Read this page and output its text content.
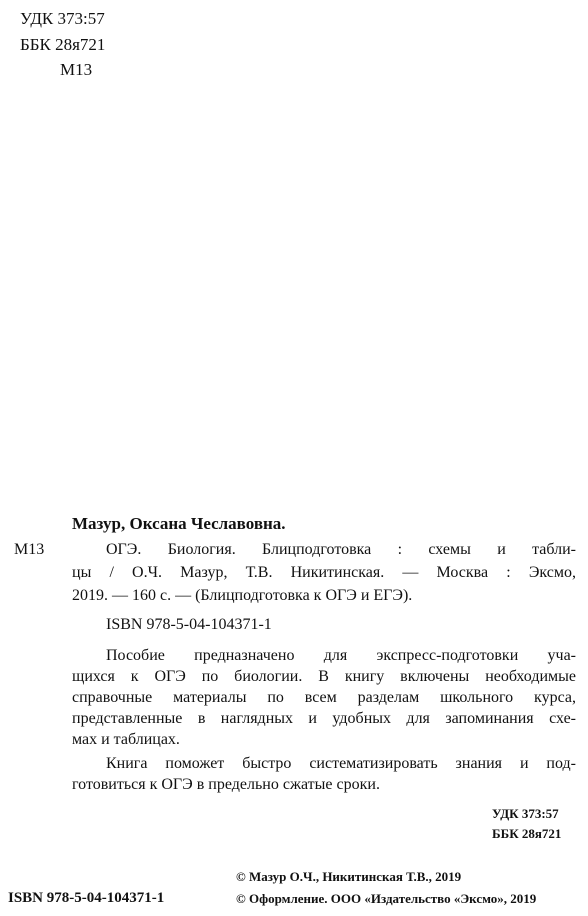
УДК 373:57
ББК 28я721
М13
Мазур, Оксана Чеславовна.
М13	ОГЭ. Биология. Блицподготовка : схемы и табли-
цы / О.Ч. Мазур, Т.В. Никитинская. — Москва : Эксмо,
2019. — 160 с. — (Блицподготовка к ОГЭ и ЕГЭ).
ISBN 978-5-04-104371-1
Пособие предназначено для экспресс-подготовки уча-
щихся к ОГЭ по биологии. В книгу включены необходимые
справочные материалы по всем разделам школьного курса,
представленные в наглядных и удобных для запоминания схе-
мах и таблицах.
Книга поможет быстро систематизировать знания и под-
готовиться к ОГЭ в предельно сжатые сроки.
УДК 373:57
ББК 28я721
© Мазур О.Ч., Никитинская Т.В., 2019
ISBN 978-5-04-104371-1	© Оформление. ООО «Издательство «Эксмо», 2019
